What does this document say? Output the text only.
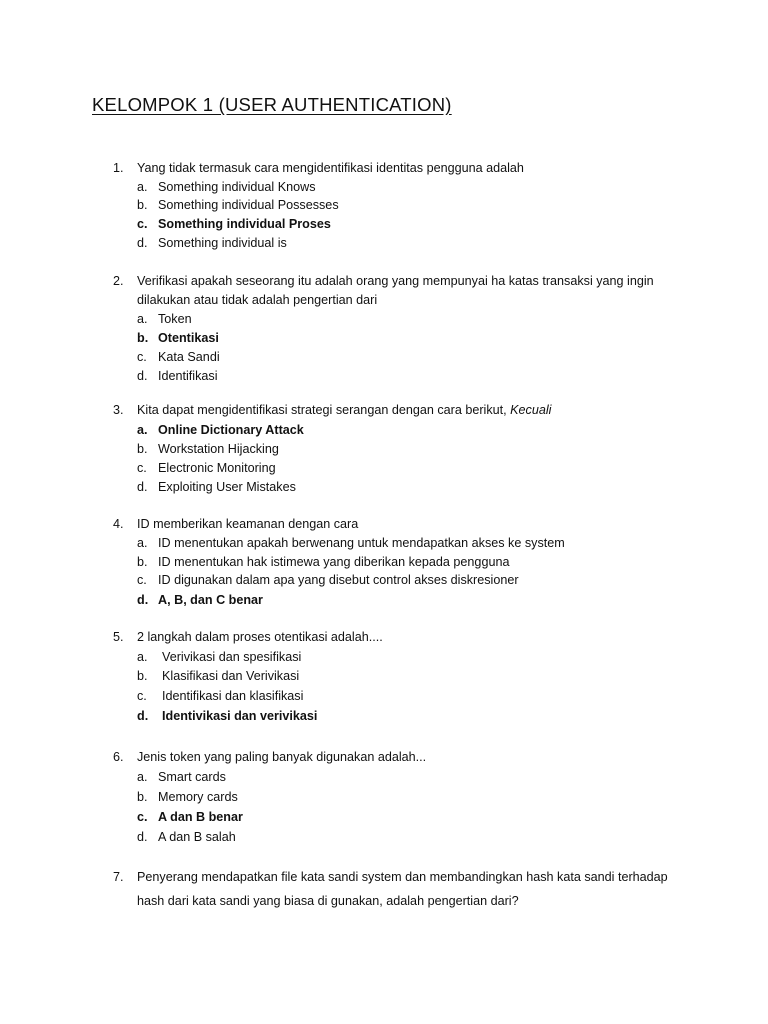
KELOMPOK 1 (USER AUTHENTICATION)
1. Yang tidak termasuk cara mengidentifikasi identitas pengguna adalah
a. Something individual Knows
b. Something individual Possesses
c. Something individual Proses
d. Something individual is
2. Verifikasi apakah seseorang itu adalah orang yang mempunyai ha katas transaksi yang ingin
dilakukan atau tidak adalah pengertian dari
a. Token
b. Otentikasi
c. Kata Sandi
d. Identifikasi
3. Kita dapat mengidentifikasi strategi serangan dengan cara berikut, Kecuali
a. Online Dictionary Attack
b. Workstation Hijacking
c. Electronic Monitoring
d. Exploiting User Mistakes
4. ID memberikan keamanan dengan cara
a. ID menentukan apakah berwenang untuk mendapatkan akses ke system
b. ID menentukan hak istimewa yang diberikan kepada pengguna
c. ID digunakan dalam apa yang disebut control akses diskresioner
d. A, B, dan C benar
5. 2 langkah dalam proses otentikasi adalah....
a. Verivikasi dan spesifikasi
b. Klasifikasi dan Verivikasi
c. Identifikasi dan klasifikasi
d. Identivikasi dan verivikasi
6. Jenis token yang paling banyak digunakan adalah...
a. Smart cards
b. Memory cards
c. A dan B benar
d. A dan B salah
7. Penyerang mendapatkan file kata sandi system dan membandingkan hash kata sandi terhadap
hash dari kata sandi yang biasa di gunakan, adalah pengertian dari?
